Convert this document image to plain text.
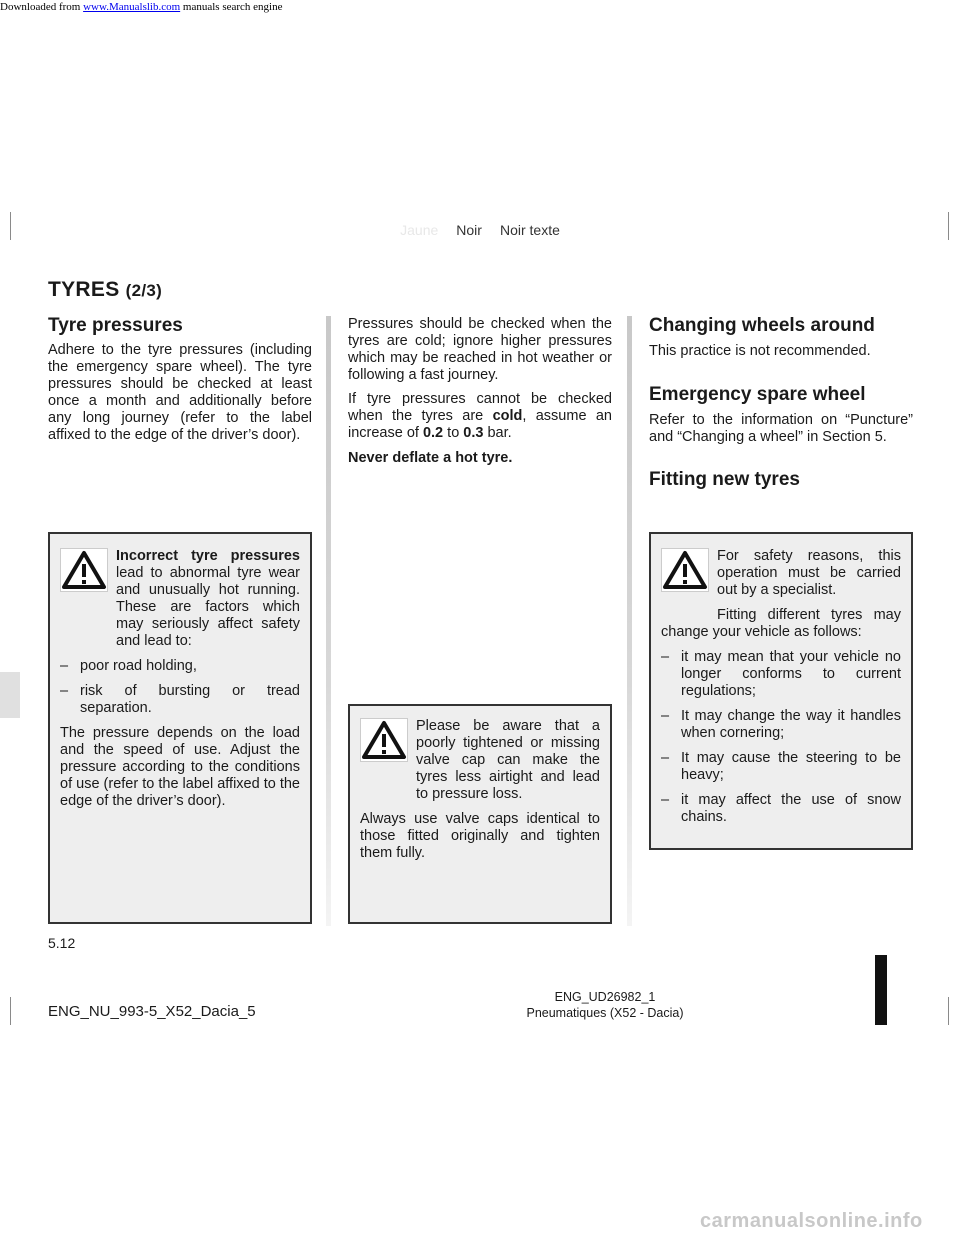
Downloaded from www.Manualslib.com manuals search engine
Jaune Noir Noir texte
TYRES (2/3)
Tyre pressures

Adhere to the tyre pressures (including the emergency spare wheel). The tyre pressures should be checked at least once a month and additionally before any long journey (refer to the label affixed to the edge of the driver’s door).

Incorrect tyre pressures lead to abnormal tyre wear and unusually hot running. These are factors which may seriously affect safety and lead to:

– poor road holding,
– risk of bursting or tread separation.

The pressure depends on the load and the speed of use. Adjust the pressure according to the conditions of use (refer to the label affixed to the edge of the driver’s door).

Pressures should be checked when the tyres are cold; ignore higher pressures which may be reached in hot weather or following a fast journey.

If tyre pressures cannot be checked when the tyres are cold, assume an increase of 0.2 to 0.3 bar.

Never deflate a hot tyre.

Please be aware that a poorly tightened or missing valve cap can make the tyres less airtight and lead to pressure loss.

Always use valve caps identical to those fitted originally and tighten them fully.

Changing wheels around

This practice is not recommended.

Emergency spare wheel

Refer to the information on “Puncture” and “Changing a wheel” in Section 5.

Fitting new tyres

For safety reasons, this operation must be carried out by a specialist.

Fitting different tyres may change your vehicle as follows:

– it may mean that your vehicle no longer conforms to current regulations;
– It may change the way it handles when cornering;
– It may cause the steering to be heavy;
– it may affect the use of snow chains.
5.12
ENG_NU_993-5_X52_Dacia_5
ENG_UD26982_1
Pneumatiques (X52 - Dacia)
carmanualsonline.info
